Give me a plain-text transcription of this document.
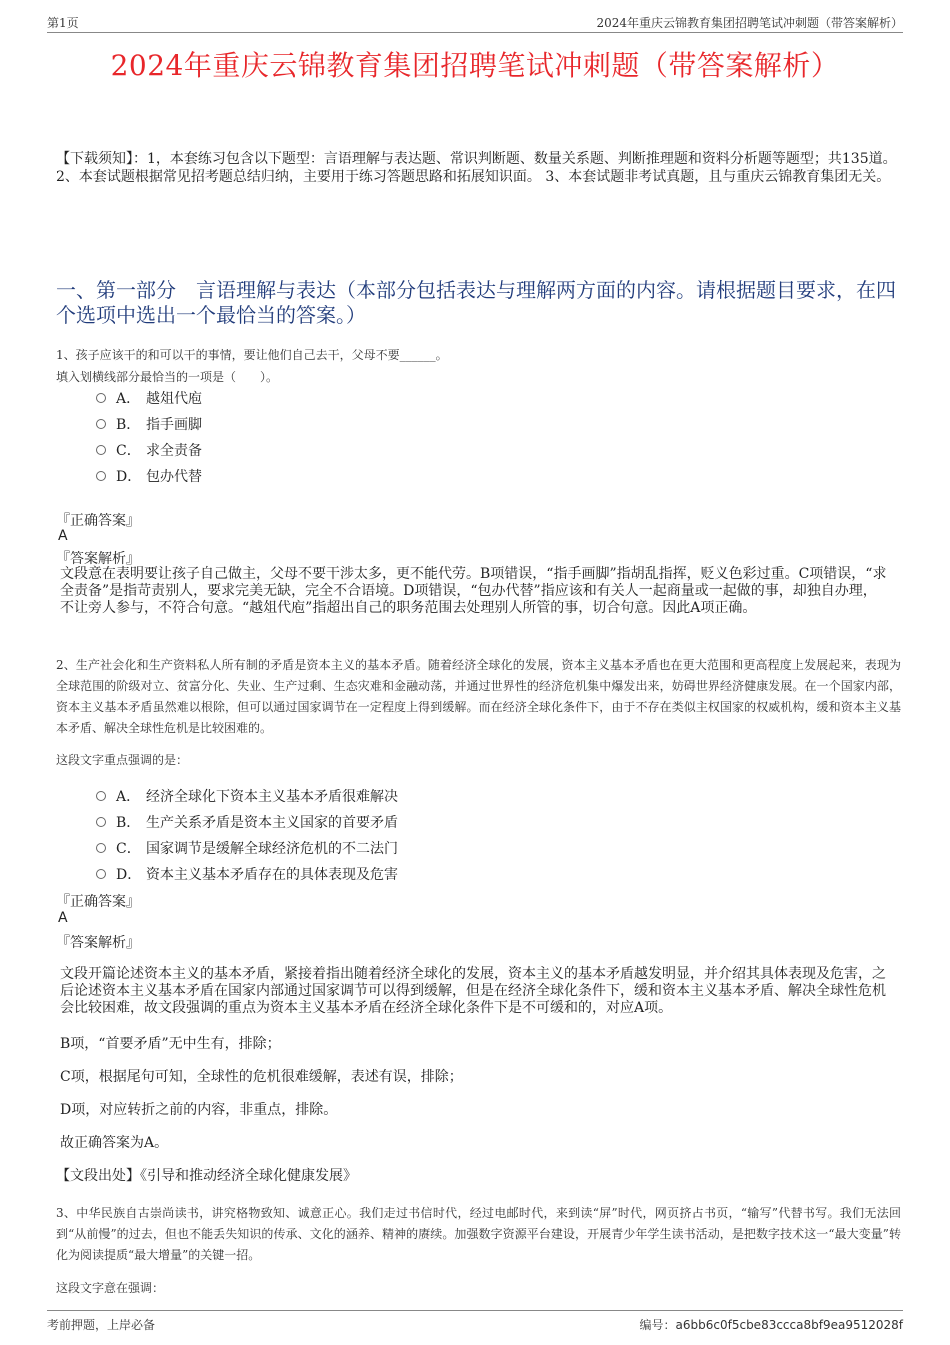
第1页	2024年重庆云锦教育集团招聘笔试冲刺题（带答案解析）
2024年重庆云锦教育集团招聘笔试冲刺题（带答案解析）
【下载须知】：1，本套练习包含以下题型：言语理解与表达题、常识判断题、数量关系题、判断推理题和资料分析题等题型；共135道。 2、本套试题根据常见招考题总结归纳，主要用于练习答题思路和拓展知识面。 3、本套试题非考试真题，且与重庆云锦教育集团无关。
一、第一部分　言语理解与表达（本部分包括表达与理解两方面的内容。请根据题目要求，在四个选项中选出一个最恰当的答案。）
1、孩子应该干的和可以干的事情，要让他们自己去干，父母不要______。
填入划横线部分最恰当的一项是（　　）。
A． 越俎代庖
B． 指手画脚
C． 求全责备
D． 包办代替
『正确答案』
A
『答案解析』
文段意在表明要让孩子自己做主，父母不要干涉太多，更不能代劳。B项错误，“指手画脚”指胡乱指挥，贬义色彩过重。C项错误，“求全责备”是指苛责别人，要求完美无缺，完全不合语境。D项错误，“包办代替”指应该和有关人一起商量或一起做的事，却独自办理，不让旁人参与，不符合句意。“越俎代庖”指超出自己的职务范围去处理别人所管的事，切合句意。因此A项正确。
2、生产社会化和生产资料私人所有制的矛盾是资本主义的基本矛盾。随着经济全球化的发展，资本主义基本矛盾也在更大范围和更高程度上发展起来，表现为全球范围的阶级对立、贫富分化、失业、生产过剩、生态灾难和金融动荡，并通过世界性的经济危机集中爆发出来，妨碍世界经济健康发展。在一个国家内部，资本主义基本矛盾虽然难以根除，但可以通过国家调节在一定程度上得到缓解。而在经济全球化条件下，由于不存在类似主权国家的权威机构，缓和资本主义基本矛盾、解决全球性危机是比较困难的。
这段文字重点强调的是：
A． 经济全球化下资本主义基本矛盾很难解决
B． 生产关系矛盾是资本主义国家的首要矛盾
C． 国家调节是缓解全球经济危机的不二法门
D． 资本主义基本矛盾存在的具体表现及危害
『正确答案』
A
『答案解析』
文段开篇论述资本主义的基本矛盾，紧接着指出随着经济全球化的发展，资本主义的基本矛盾越发明显，并介绍其具体表现及危害，之后论述资本主义基本矛盾在国家内部通过国家调节可以得到缓解，但是在经济全球化条件下，缓和资本主义基本矛盾、解决全球性危机会比较困难，故文段强调的重点为资本主义基本矛盾在经济全球化条件下是不可缓和的，对应A项。
B项，“首要矛盾”无中生有，排除；
C项，根据尾句可知，全球性的危机很难缓解，表述有误，排除；
D项，对应转折之前的内容，非重点，排除。
故正确答案为A。
【文段出处】《引导和推动经济全球化健康发展》
3、中华民族自古崇尚读书，讲究格物致知、诚意正心。我们走过书信时代，经过电邮时代，来到读“屏”时代，网页挤占书页，“输写”代替书写。我们无法回到“从前慢”的过去，但也不能丢失知识的传承、文化的涵养、精神的赓续。加强数字资源平台建设，开展青少年学生读书活动，是把数字技术这一“最大变量”转化为阅读提质“最大增量”的关键一招。
这段文字意在强调：
考前押题，上岸必备	编号：a6bb6c0f5cbe83ccca8bf9ea9512028f
